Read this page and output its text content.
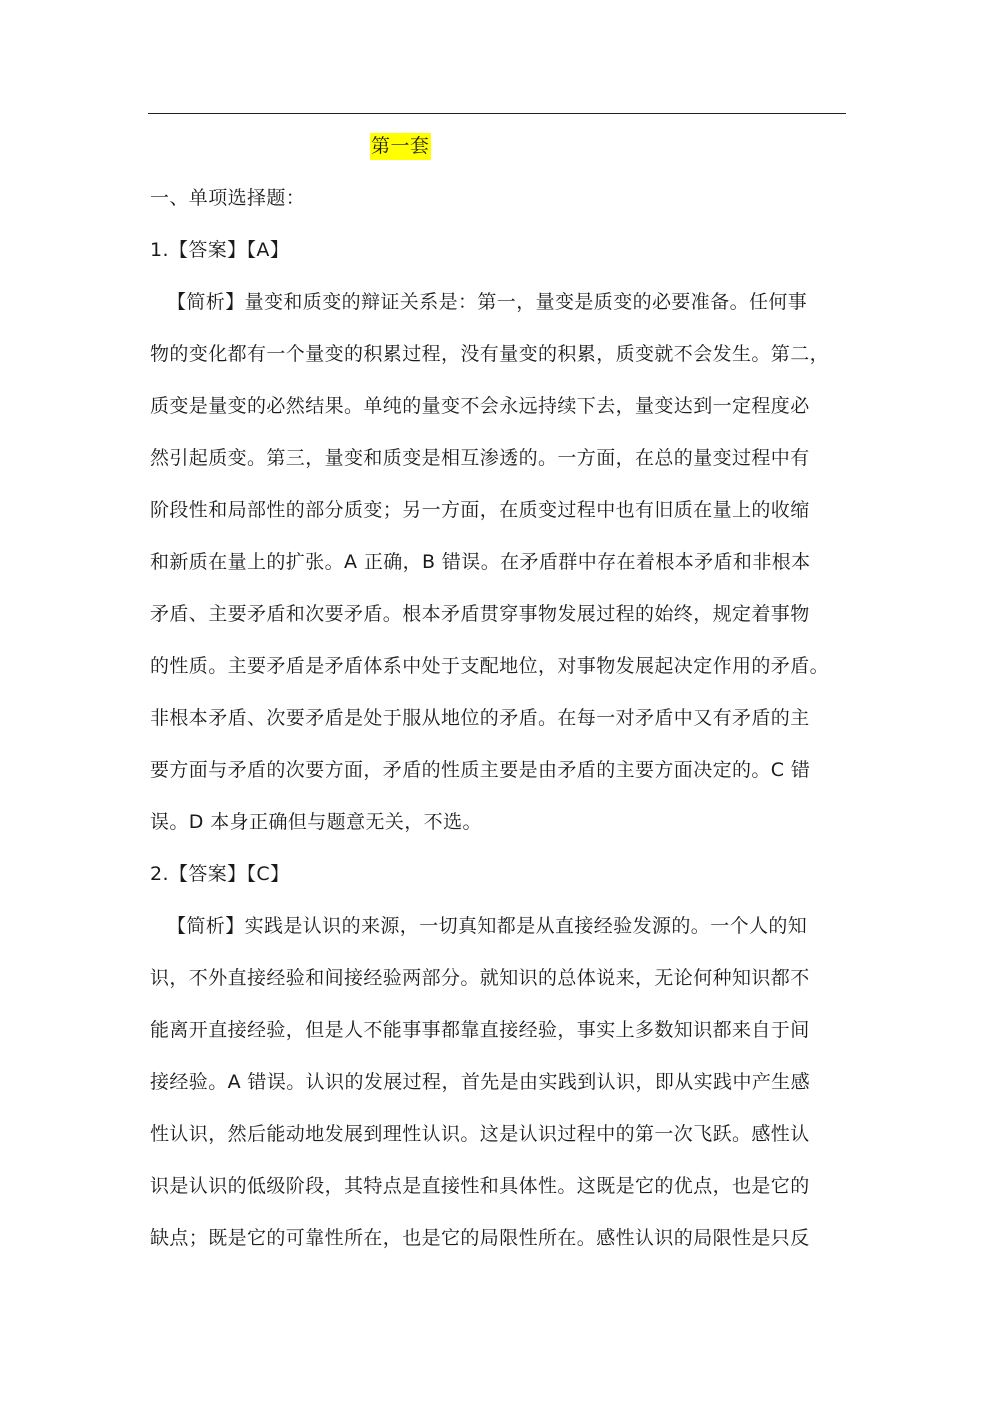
第一套
一、单项选择题：
1.【答案】【A】
【简析】量变和质变的辩证关系是：第一，量变是质变的必要准备。任何事
物的变化都有一个量变的积累过程，没有量变的积累，质变就不会发生。第二，
质变是量变的必然结果。单纯的量变不会永远持续下去，量变达到一定程度必
然引起质变。第三，量变和质变是相互渗透的。一方面，在总的量变过程中有
阶段性和局部性的部分质变；另一方面，在质变过程中也有旧质在量上的收缩
和新质在量上的扩张。A 正确，B 错误。在矛盾群中存在着根本矛盾和非根本
矛盾、主要矛盾和次要矛盾。根本矛盾贯穿事物发展过程的始终，规定着事物
的性质。主要矛盾是矛盾体系中处于支配地位，对事物发展起决定作用的矛盾。
非根本矛盾、次要矛盾是处于服从地位的矛盾。在每一对矛盾中又有矛盾的主
要方面与矛盾的次要方面，矛盾的性质主要是由矛盾的主要方面决定的。C 错
误。D 本身正确但与题意无关，不选。
2.【答案】【C】
【简析】实践是认识的来源，一切真知都是从直接经验发源的。一个人的知
识，不外直接经验和间接经验两部分。就知识的总体说来，无论何种知识都不
能离开直接经验，但是人不能事事都靠直接经验，事实上多数知识都来自于间
接经验。A 错误。认识的发展过程，首先是由实践到认识，即从实践中产生感
性认识，然后能动地发展到理性认识。这是认识过程中的第一次飞跃。感性认
识是认识的低级阶段，其特点是直接性和具体性。这既是它的优点，也是它的
缺点；既是它的可靠性所在，也是它的局限性所在。感性认识的局限性是只反
